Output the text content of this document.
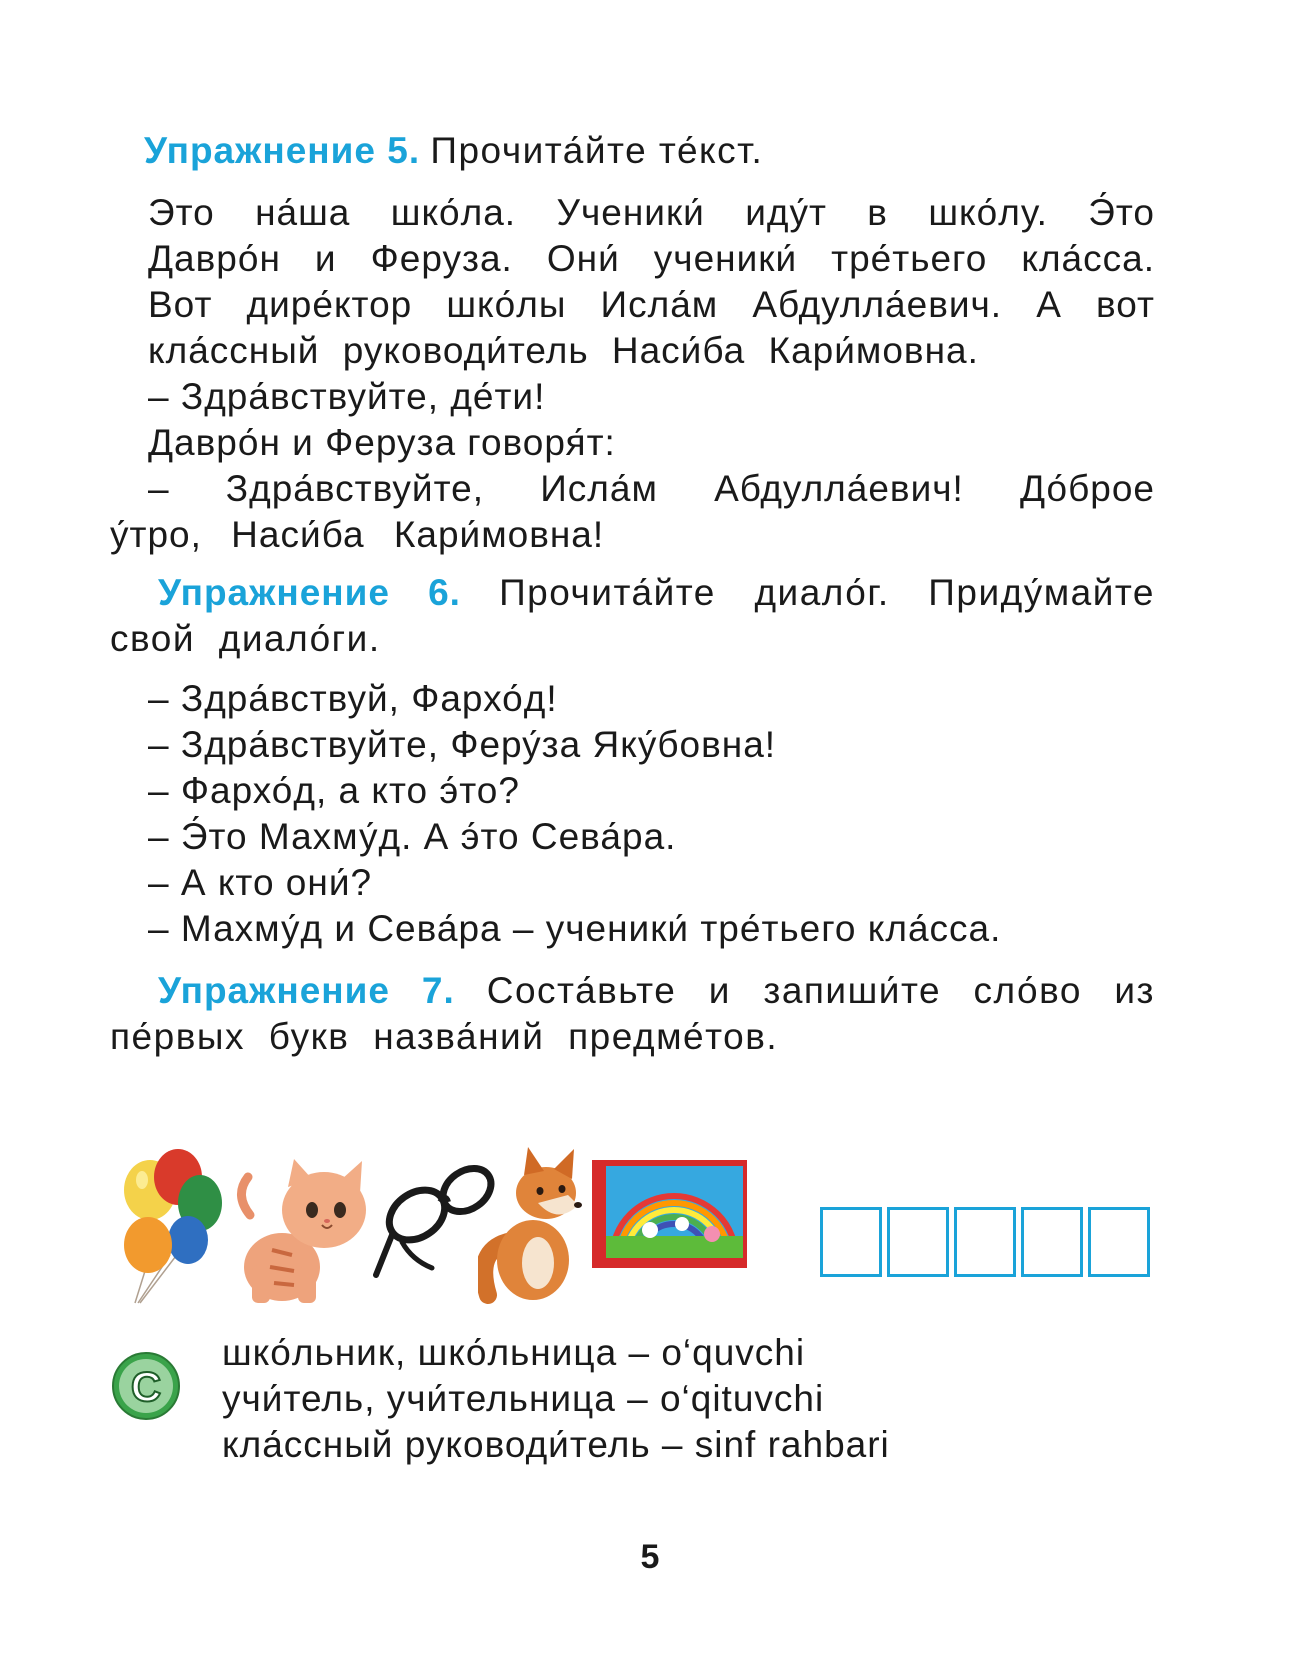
Упражнение 5. Прочита́йте те́кст.
Это на́ша шко́ла. Ученики́ иду́т в шко́лу. Э́то Давро́н и Феруза. Они́ ученики́ тре́тьего кла́сса. Вот дире́ктор шко́лы Исла́м Абдулла́евич. А вот кла́ссный руководи́тель Наси́ба Кари́мовна.
– Здра́вствуйте, де́ти!
Давро́н и Феруза говоря́т:
– Здра́вствуйте, Исла́м Абдулла́евич! До́брое у́тро, Наси́ба Кари́мовна!
Упражнение 6. Прочита́йте диало́г. Приду́майте свой диало́ги.
– Здра́вствуй, Фархо́д!
– Здра́вствуйте, Феру́за Яку́бовна!
– Фархо́д, а кто э́то?
– Э́то Махму́д. А э́то Сева́ра.
– А кто они́?
– Махму́д и Сева́ра – ученики́ тре́тьего кла́сса.
Упражнение 7. Соста́вьте и запиши́те сло́во из пе́рвых букв назва́ний предме́тов.
C
шко́льник, шко́льница – o‘quvchi
учи́тель, учи́тельница – o‘qituvchi
кла́ссный руководи́тель – sinf rahbari
5
